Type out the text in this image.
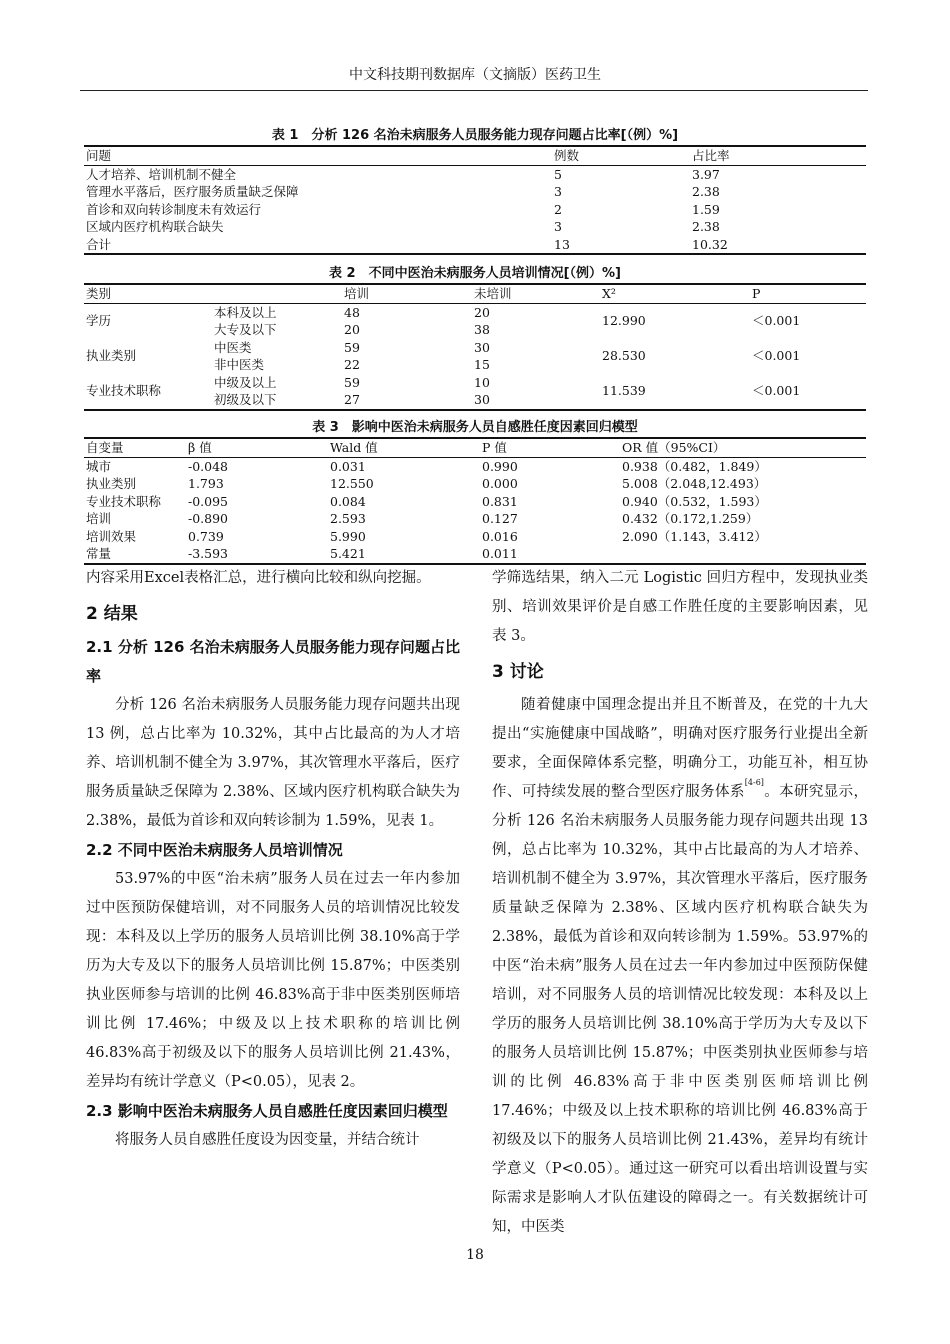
中文科技期刊数据库（文摘版）医药卫生
表 1　分析 126 名治未病服务人员服务能力现存问题占比率[（例）%]
问题	例数	占比率
人才培养、培训机制不健全	5	3.97
管理水平落后，医疗服务质量缺乏保障	3	2.38
首诊和双向转诊制度未有效运行	2	1.59
区域内医疗机构联合缺失	3	2.38
合计	13	10.32
表 2　不同中医治未病服务人员培训情况[（例）%]
类别		培训	未培训	X²	P
学历	本科及以上	48	20	12.990	＜0.001
	大专及以下	20	38		
执业类别	中医类	59	30	28.530	＜0.001
	非中医类	22	15		
专业技术职称	中级及以上	59	10	11.539	＜0.001
	初级及以下	27	30		
表 3　影响中医治未病服务人员自感胜任度因素回归模型
自变量	β 值	Wald 值	P 值	OR 值（95%CI）
城市	-0.048	0.031	0.990	0.938（0.482，1.849）
执业类别	1.793	12.550	0.000	5.008（2.048,12.493）
专业技术职称	-0.095	0.084	0.831	0.940（0.532，1.593）
培训	-0.890	2.593	0.127	0.432（0.172,1.259）
培训效果	0.739	5.990	0.016	2.090（1.143，3.412）
常量	-3.593	5.421	0.011	

内容采用Excel表格汇总，进行横向比较和纵向挖掘。

2 结果

2.1 分析 126 名治未病服务人员服务能力现存问题占比率

分析 126 名治未病服务人员服务能力现存问题共出现 13 例，总占比率为 10.32%，其中占比最高的为人才培养、培训机制不健全为 3.97%，其次管理水平落后，医疗服务质量缺乏保障为 2.38%、区域内医疗机构联合缺失为 2.38%，最低为首诊和双向转诊制为 1.59%，见表 1。

2.2 不同中医治未病服务人员培训情况

53.97%的中医“治未病”服务人员在过去一年内参加过中医预防保健培训，对不同服务人员的培训情况比较发现：本科及以上学历的服务人员培训比例 38.10%高于学历为大专及以下的服务人员培训比例 15.87%；中医类别执业医师参与培训的比例 46.83%高于非中医类别医师培训比例 17.46%；中级及以上技术职称的培训比例 46.83%高于初级及以下的服务人员培训比例 21.43%，差异均有统计学意义（P<0.05），见表 2。

2.3 影响中医治未病服务人员自感胜任度因素回归模型

将服务人员自感胜任度设为因变量，并结合统计

学筛选结果，纳入二元 Logistic 回归方程中，发现执业类别、培训效果评价是自感工作胜任度的主要影响因素，见表 3。

3 讨论

随着健康中国理念提出并且不断普及，在党的十九大提出“实施健康中国战略”，明确对医疗服务行业提出全新要求，全面保障体系完整，明确分工，功能互补，相互协作、可持续发展的整合型医疗服务体系[4-6]。本研究显示，分析 126 名治未病服务人员服务能力现存问题共出现 13 例，总占比率为 10.32%，其中占比最高的为人才培养、培训机制不健全为 3.97%，其次管理水平落后，医疗服务质量缺乏保障为 2.38%、区域内医疗机构联合缺失为 2.38%，最低为首诊和双向转诊制为 1.59%。53.97%的中医“治未病”服务人员在过去一年内参加过中医预防保健培训，对不同服务人员的培训情况比较发现：本科及以上学历的服务人员培训比例 38.10%高于学历为大专及以下的服务人员培训比例 15.87%；中医类别执业医师参与培训的比例 46.83%高于非中医类别医师培训比例 17.46%；中级及以上技术职称的培训比例 46.83%高于初级及以下的服务人员培训比例 21.43%，差异均有统计学意义（P<0.05）。通过这一研究可以看出培训设置与实际需求是影响人才队伍建设的障碍之一。有关数据统计可知，中医类

18
